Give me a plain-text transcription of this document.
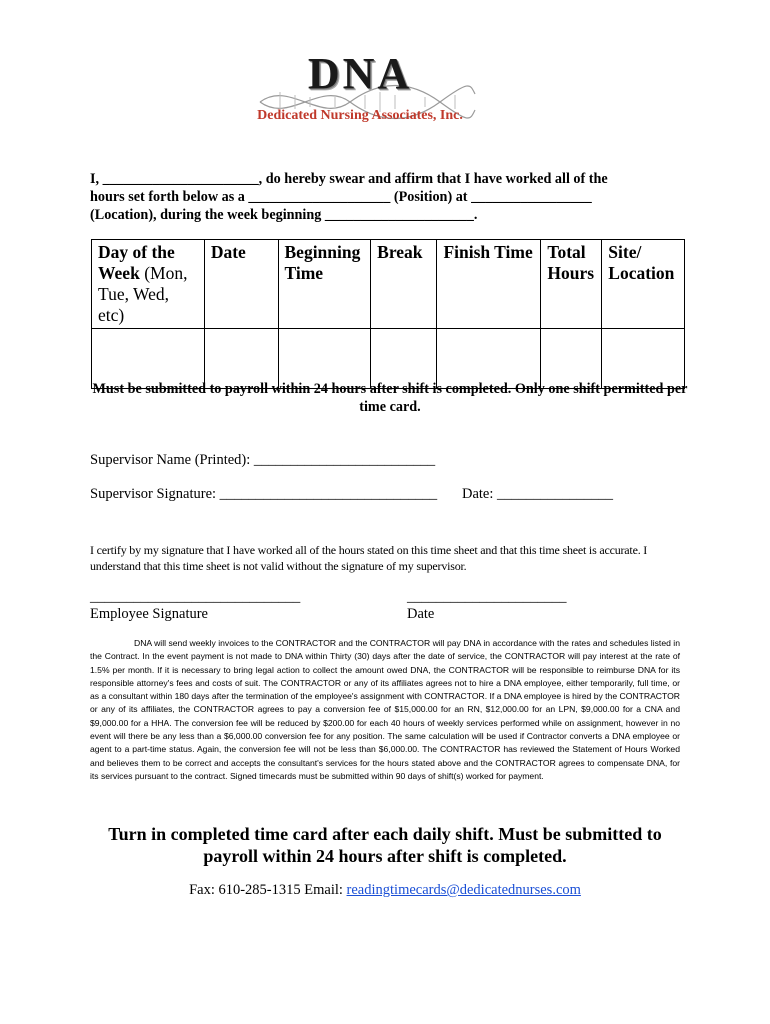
DNA
Dedicated Nursing Associates, Inc.

I, ______________________, do hereby swear and affirm that I have worked all of the
hours set forth below as a ____________________ (Position) at _________________
(Location), during the week beginning _____________________.

Day of the Week (Mon, Tue, Wed, etc)	Date	Beginning Time	Break	Finish Time	Total Hours	Site/ Location

Must be submitted to payroll within 24 hours after shift is completed. Only one shift permitted per time card.

Supervisor Name (Printed): _________________________
Supervisor Signature: ______________________________ Date: ________________

I certify by my signature that I have worked all of the hours stated on this time sheet and that this time sheet is accurate. I understand that this time sheet is not valid without the signature of my supervisor.

_____________________________
Employee Signature
______________________
Date

DNA will send weekly invoices to the CONTRACTOR and the CONTRACTOR will pay DNA in accordance with the rates and schedules listed in the Contract. In the event payment is not made to DNA within Thirty (30) days after the date of service, the CONTRACTOR will pay interest at the rate of 1.5% per month. If it is necessary to bring legal action to collect the amount owed DNA, the CONTRACTOR will be responsible to reimburse DNA for its responsible attorney's fees and costs of suit. The CONTRACTOR or any of its affiliates agrees not to hire a DNA employee, either temporarily, full time, or as a consultant within 180 days after the termination of the employee's assignment with CONTRACTOR. If a DNA employee is hired by the CONTRACTOR or any of its affiliates, the CONTRACTOR agrees to pay a conversion fee of $15,000.00 for an RN, $12,000.00 for an LPN, $9,000.00 for a CNA and $9,000.00 for a HHA. The conversion fee will be reduced by $200.00 for each 40 hours of weekly services performed while on assignment, however in no event will there be any less than a $6,000.00 conversion fee for any position. The same calculation will be used if Contractor converts a DNA employee or agent to a part-time status. Again, the conversion fee will not be less than $6,000.00. The CONTRACTOR has reviewed the Statement of Hours Worked and believes them to be correct and accepts the consultant's services for the hours stated above and the CONTRACTOR agrees to compensate DNA, for its services pursuant to the contract. Signed timecards must be submitted within 90 days of shift(s) worked for payment.

Turn in completed time card after each daily shift. Must be submitted to payroll within 24 hours after shift is completed.

Fax: 610-285-1315 Email: readingtimecards@dedicatednurses.com
